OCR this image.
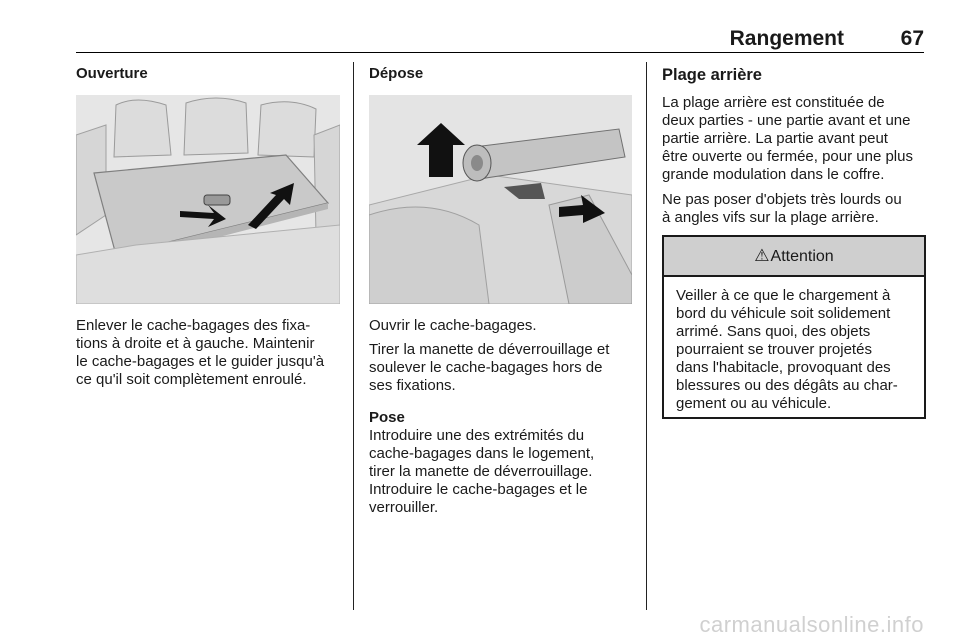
Rangement	67
Ouverture

Enlever le cache-bagages des fixa-

tions à droite et à gauche. Maintenir

le cache-bagages et le guider jusqu'à

ce qu'il soit complètement enroulé.

Dépose

Ouvrir le cache-bagages.

Tirer la manette de déverrouillage et

soulever le cache-bagages hors de

ses fixations.

Pose

Introduire une des extrémités du

cache-bagages dans le logement,

tirer la manette de déverrouillage.

Introduire le cache-bagages et le

verrouiller.

Plage arrière

La plage arrière est constituée de

deux parties - une partie avant et une

partie arrière. La partie avant peut

être ouverte ou fermée, pour une plus

grande modulation dans le coffre.

Ne pas poser d'objets très lourds ou

à angles vifs sur la plage arrière.

⚠Attention

Veiller à ce que le chargement à

bord du véhicule soit solidement

arrimé. Sans quoi, des objets

pourraient se trouver projetés

dans l'habitacle, provoquant des

blessures ou des dégâts au char-

gement ou au véhicule.

carmanualsonline.info
